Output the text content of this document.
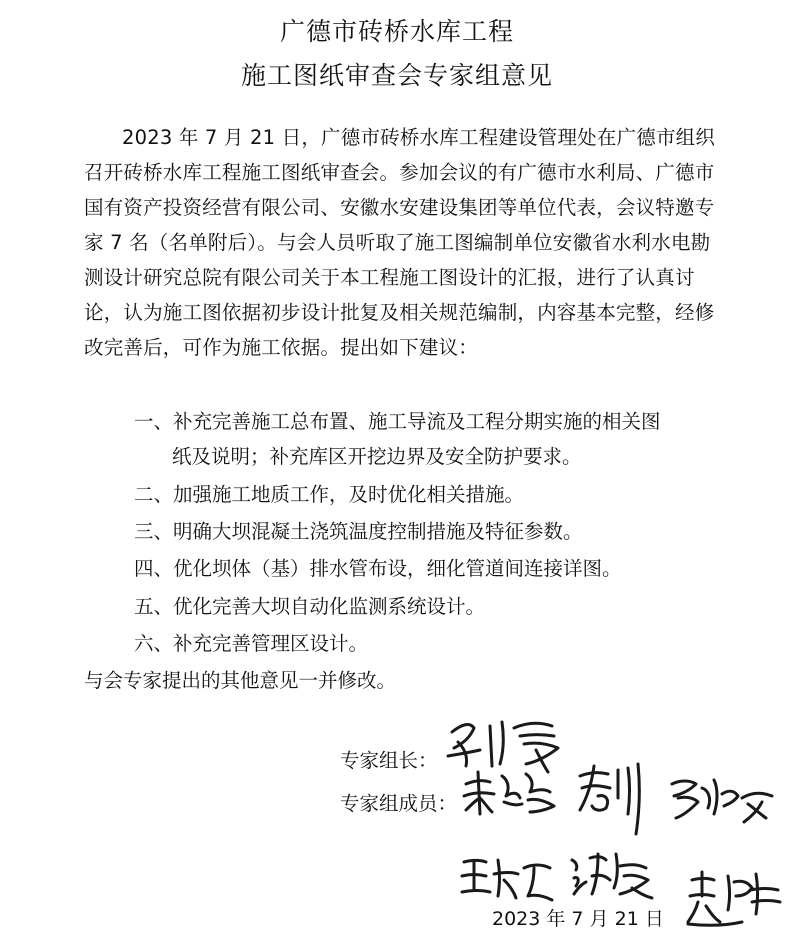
广德市砖桥水库工程
施工图纸审查会专家组意见
2023 年 7 月 21 日，广德市砖桥水库工程建设管理处在广德市组织召开砖桥水库工程施工图纸审查会。参加会议的有广德市水利局、广德市国有资产投资经营有限公司、安徽水安建设集团等单位代表，会议特邀专家 7 名（名单附后）。与会人员听取了施工图编制单位安徽省水利水电勘测设计研究总院有限公司关于本工程施工图设计的汇报，进行了认真讨论，认为施工图依据初步设计批复及相关规范编制，内容基本完整，经修改完善后，可作为施工依据。提出如下建议：
一、补充完善施工总布置、施工导流及工程分期实施的相关图
纸及说明；补充库区开挖边界及安全防护要求。
二、加强施工地质工作，及时优化相关措施。
三、明确大坝混凝土浇筑温度控制措施及特征参数。
四、优化坝体（基）排水管布设，细化管道间连接详图。
五、优化完善大坝自动化监测系统设计。
六、补充完善管理区设计。
与会专家提出的其他意见一并修改。
专家组长：
专家组成员：
2023 年 7 月 21 日
